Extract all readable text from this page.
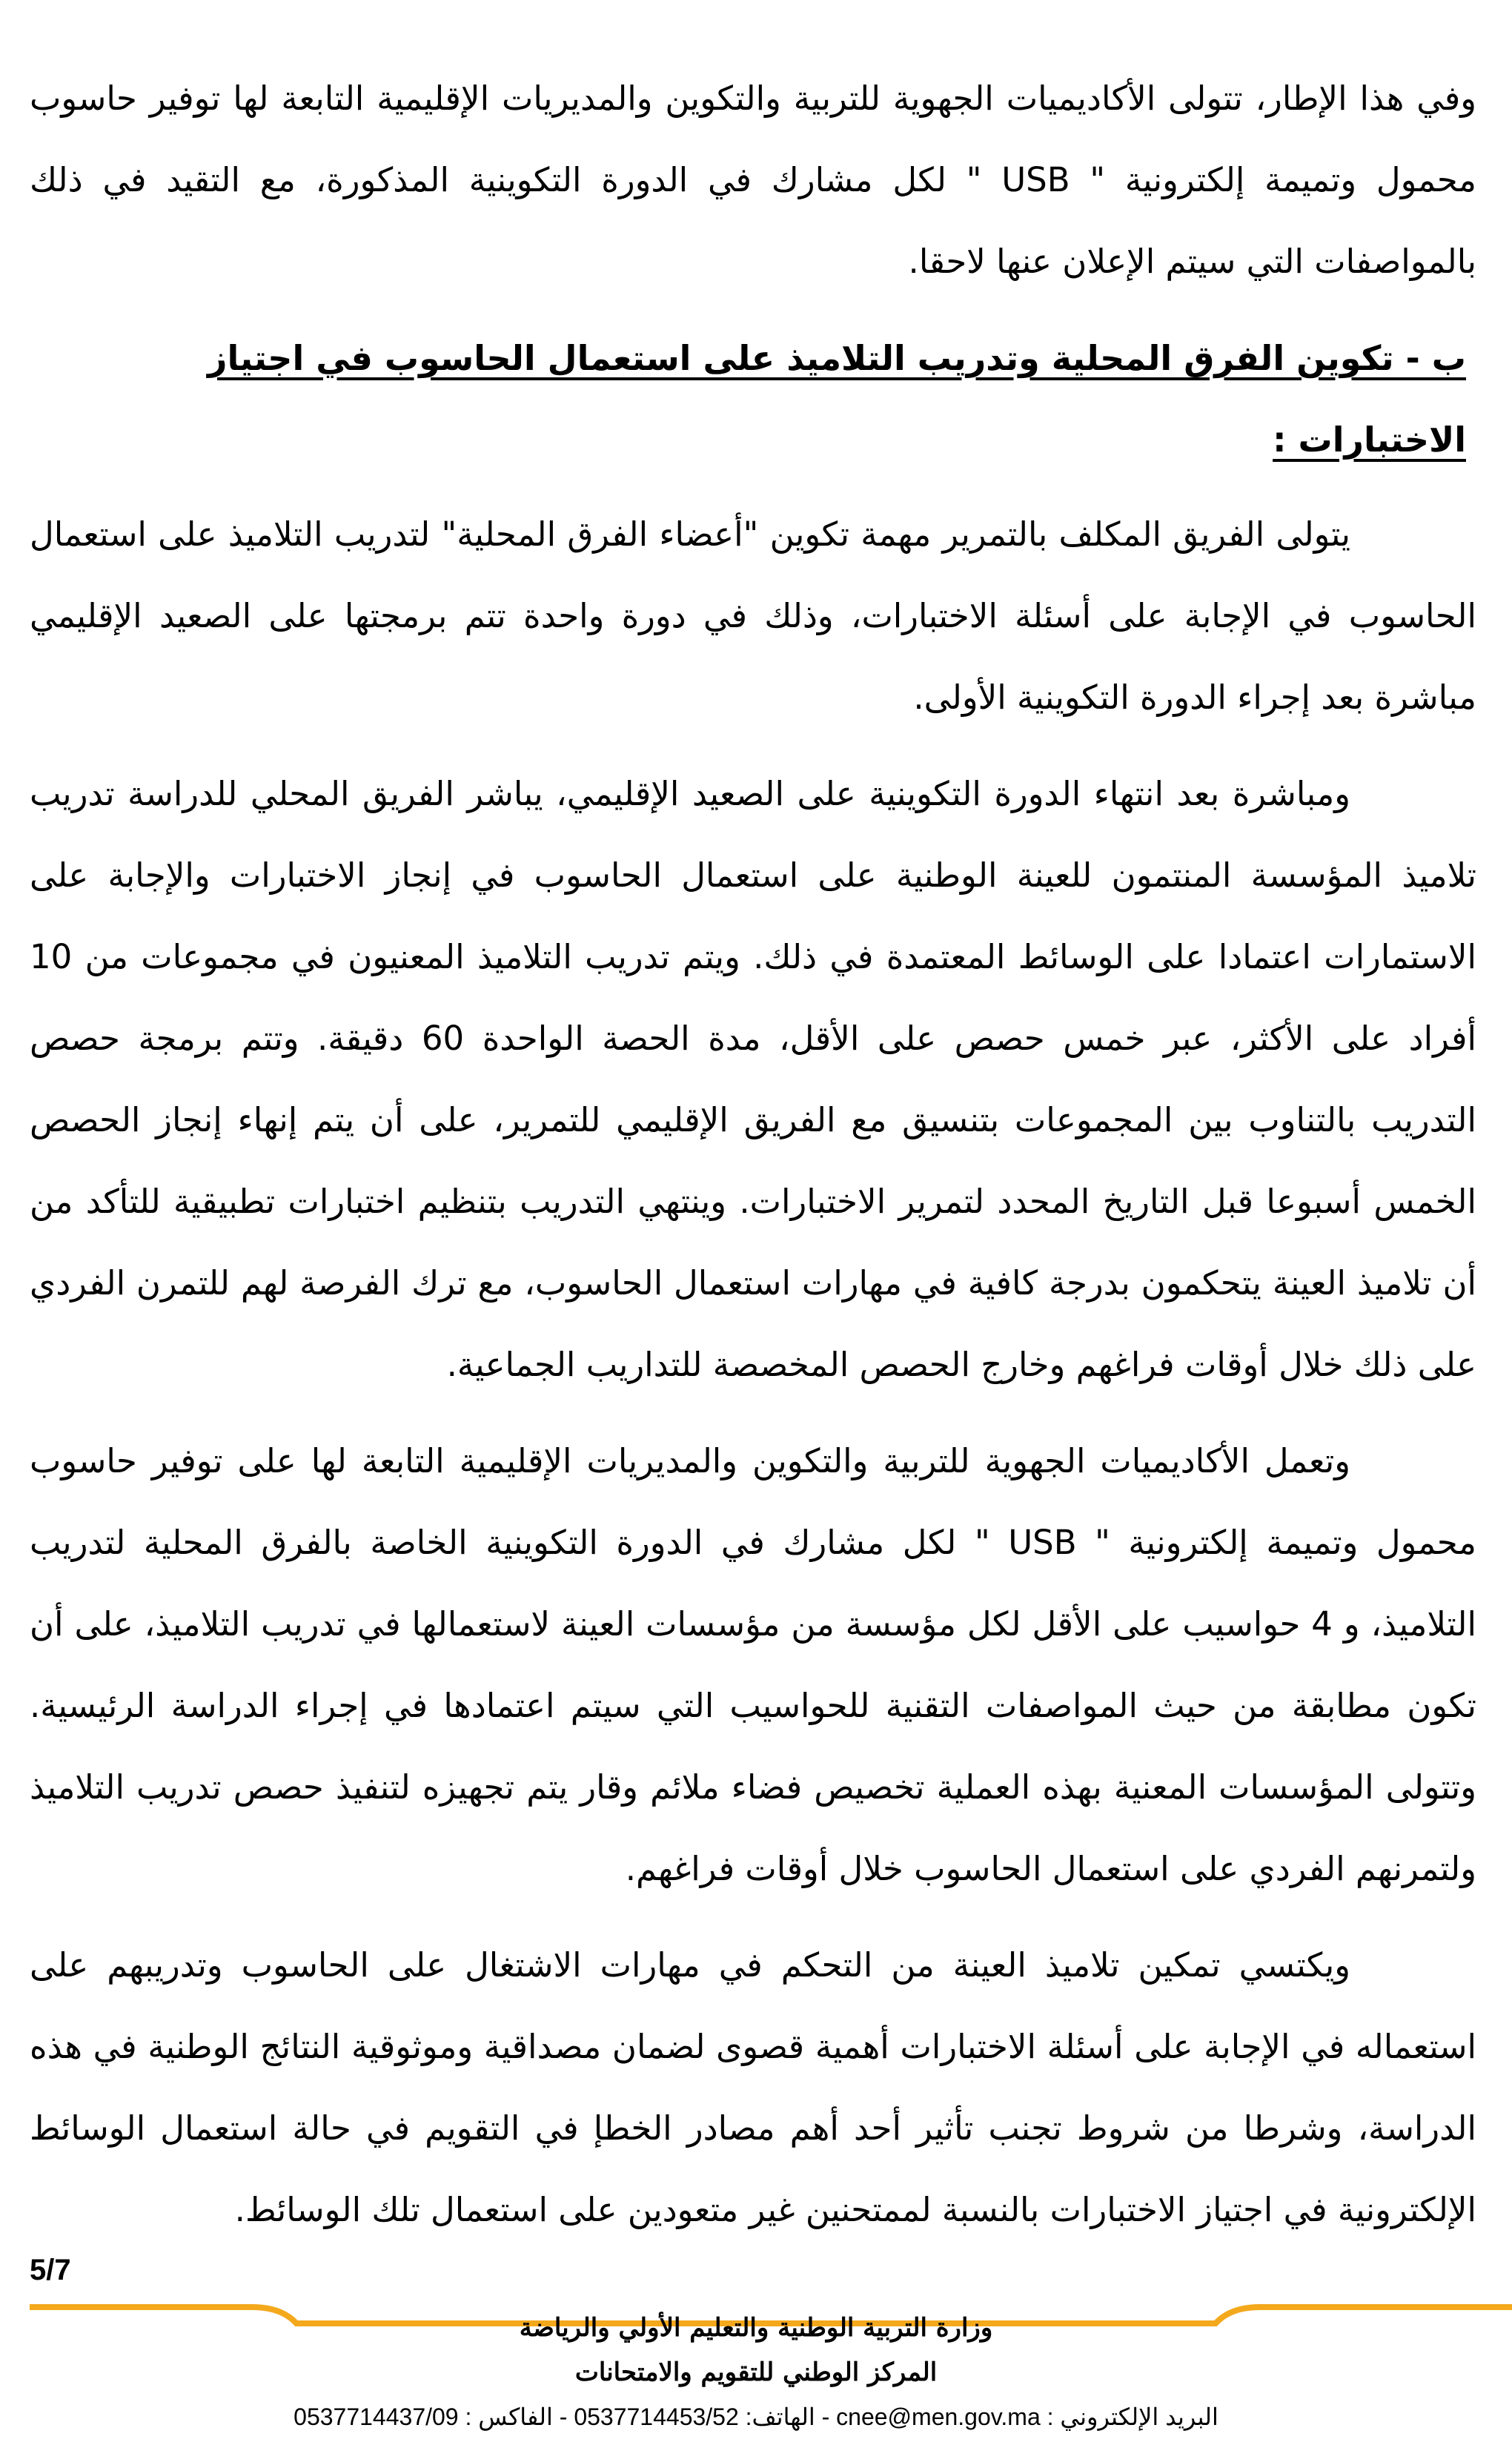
وفي هذا الإطار، تتولى الأكاديميات الجهوية للتربية والتكوين والمديريات الإقليمية التابعة لها توفير حاسوب محمول وتميمة إلكترونية " USB " لكل مشارك في الدورة التكوينية المذكورة، مع التقيد في ذلك بالمواصفات التي سيتم الإعلان عنها لاحقا.

ب - تكوين الفرق المحلية وتدريب التلاميذ على استعمال الحاسوب في اجتياز الاختبارات :

يتولى الفريق المكلف بالتمرير مهمة تكوين "أعضاء الفرق المحلية" لتدريب التلاميذ على استعمال الحاسوب في الإجابة على أسئلة الاختبارات، وذلك في دورة واحدة تتم برمجتها على الصعيد الإقليمي مباشرة بعد إجراء الدورة التكوينية الأولى.

ومباشرة بعد انتهاء الدورة التكوينية على الصعيد الإقليمي، يباشر الفريق المحلي للدراسة تدريب تلاميذ المؤسسة المنتمون للعينة الوطنية على استعمال الحاسوب في إنجاز الاختبارات والإجابة على الاستمارات اعتمادا على الوسائط المعتمدة في ذلك. ويتم تدريب التلاميذ المعنيون في مجموعات من 10 أفراد على الأكثر، عبر خمس حصص على الأقل، مدة الحصة الواحدة 60 دقيقة. وتتم برمجة حصص التدريب بالتناوب بين المجموعات بتنسيق مع الفريق الإقليمي للتمرير، على أن يتم إنهاء إنجاز الحصص الخمس أسبوعا قبل التاريخ المحدد لتمرير الاختبارات. وينتهي التدريب بتنظيم اختبارات تطبيقية للتأكد من أن تلاميذ العينة يتحكمون بدرجة كافية في مهارات استعمال الحاسوب، مع ترك الفرصة لهم للتمرن الفردي على ذلك خلال أوقات فراغهم وخارج الحصص المخصصة للتداريب الجماعية.

وتعمل الأكاديميات الجهوية للتربية والتكوين والمديريات الإقليمية التابعة لها على توفير حاسوب محمول وتميمة إلكترونية " USB " لكل مشارك في الدورة التكوينية الخاصة بالفرق المحلية لتدريب التلاميذ، و 4 حواسيب على الأقل لكل مؤسسة من مؤسسات العينة لاستعمالها في تدريب التلاميذ، على أن تكون مطابقة من حيث المواصفات التقنية للحواسيب التي سيتم اعتمادها في إجراء الدراسة الرئيسية. وتتولى المؤسسات المعنية بهذه العملية تخصيص فضاء ملائم وقار يتم تجهيزه لتنفيذ حصص تدريب التلاميذ ولتمرنهم الفردي على استعمال الحاسوب خلال أوقات فراغهم.

ويكتسي تمكين تلاميذ العينة من التحكم في مهارات الاشتغال على الحاسوب وتدريبهم على استعماله في الإجابة على أسئلة الاختبارات أهمية قصوى لضمان مصداقية وموثوقية النتائج الوطنية في هذه الدراسة، وشرطا من شروط تجنب تأثير أحد أهم مصادر الخطإ في التقويم في حالة استعمال الوسائط الإلكترونية في اجتياز الاختبارات بالنسبة لممتحنين غير متعودين على استعمال تلك الوسائط.

5/7
وزارة التربية الوطنية والتعليم الأولي والرياضة
المركز الوطني للتقويم والامتحانات
البريد الإلكتروني : cnee@men.gov.ma - الهاتف: 0537714453/52 - الفاكس : 0537714437/09
